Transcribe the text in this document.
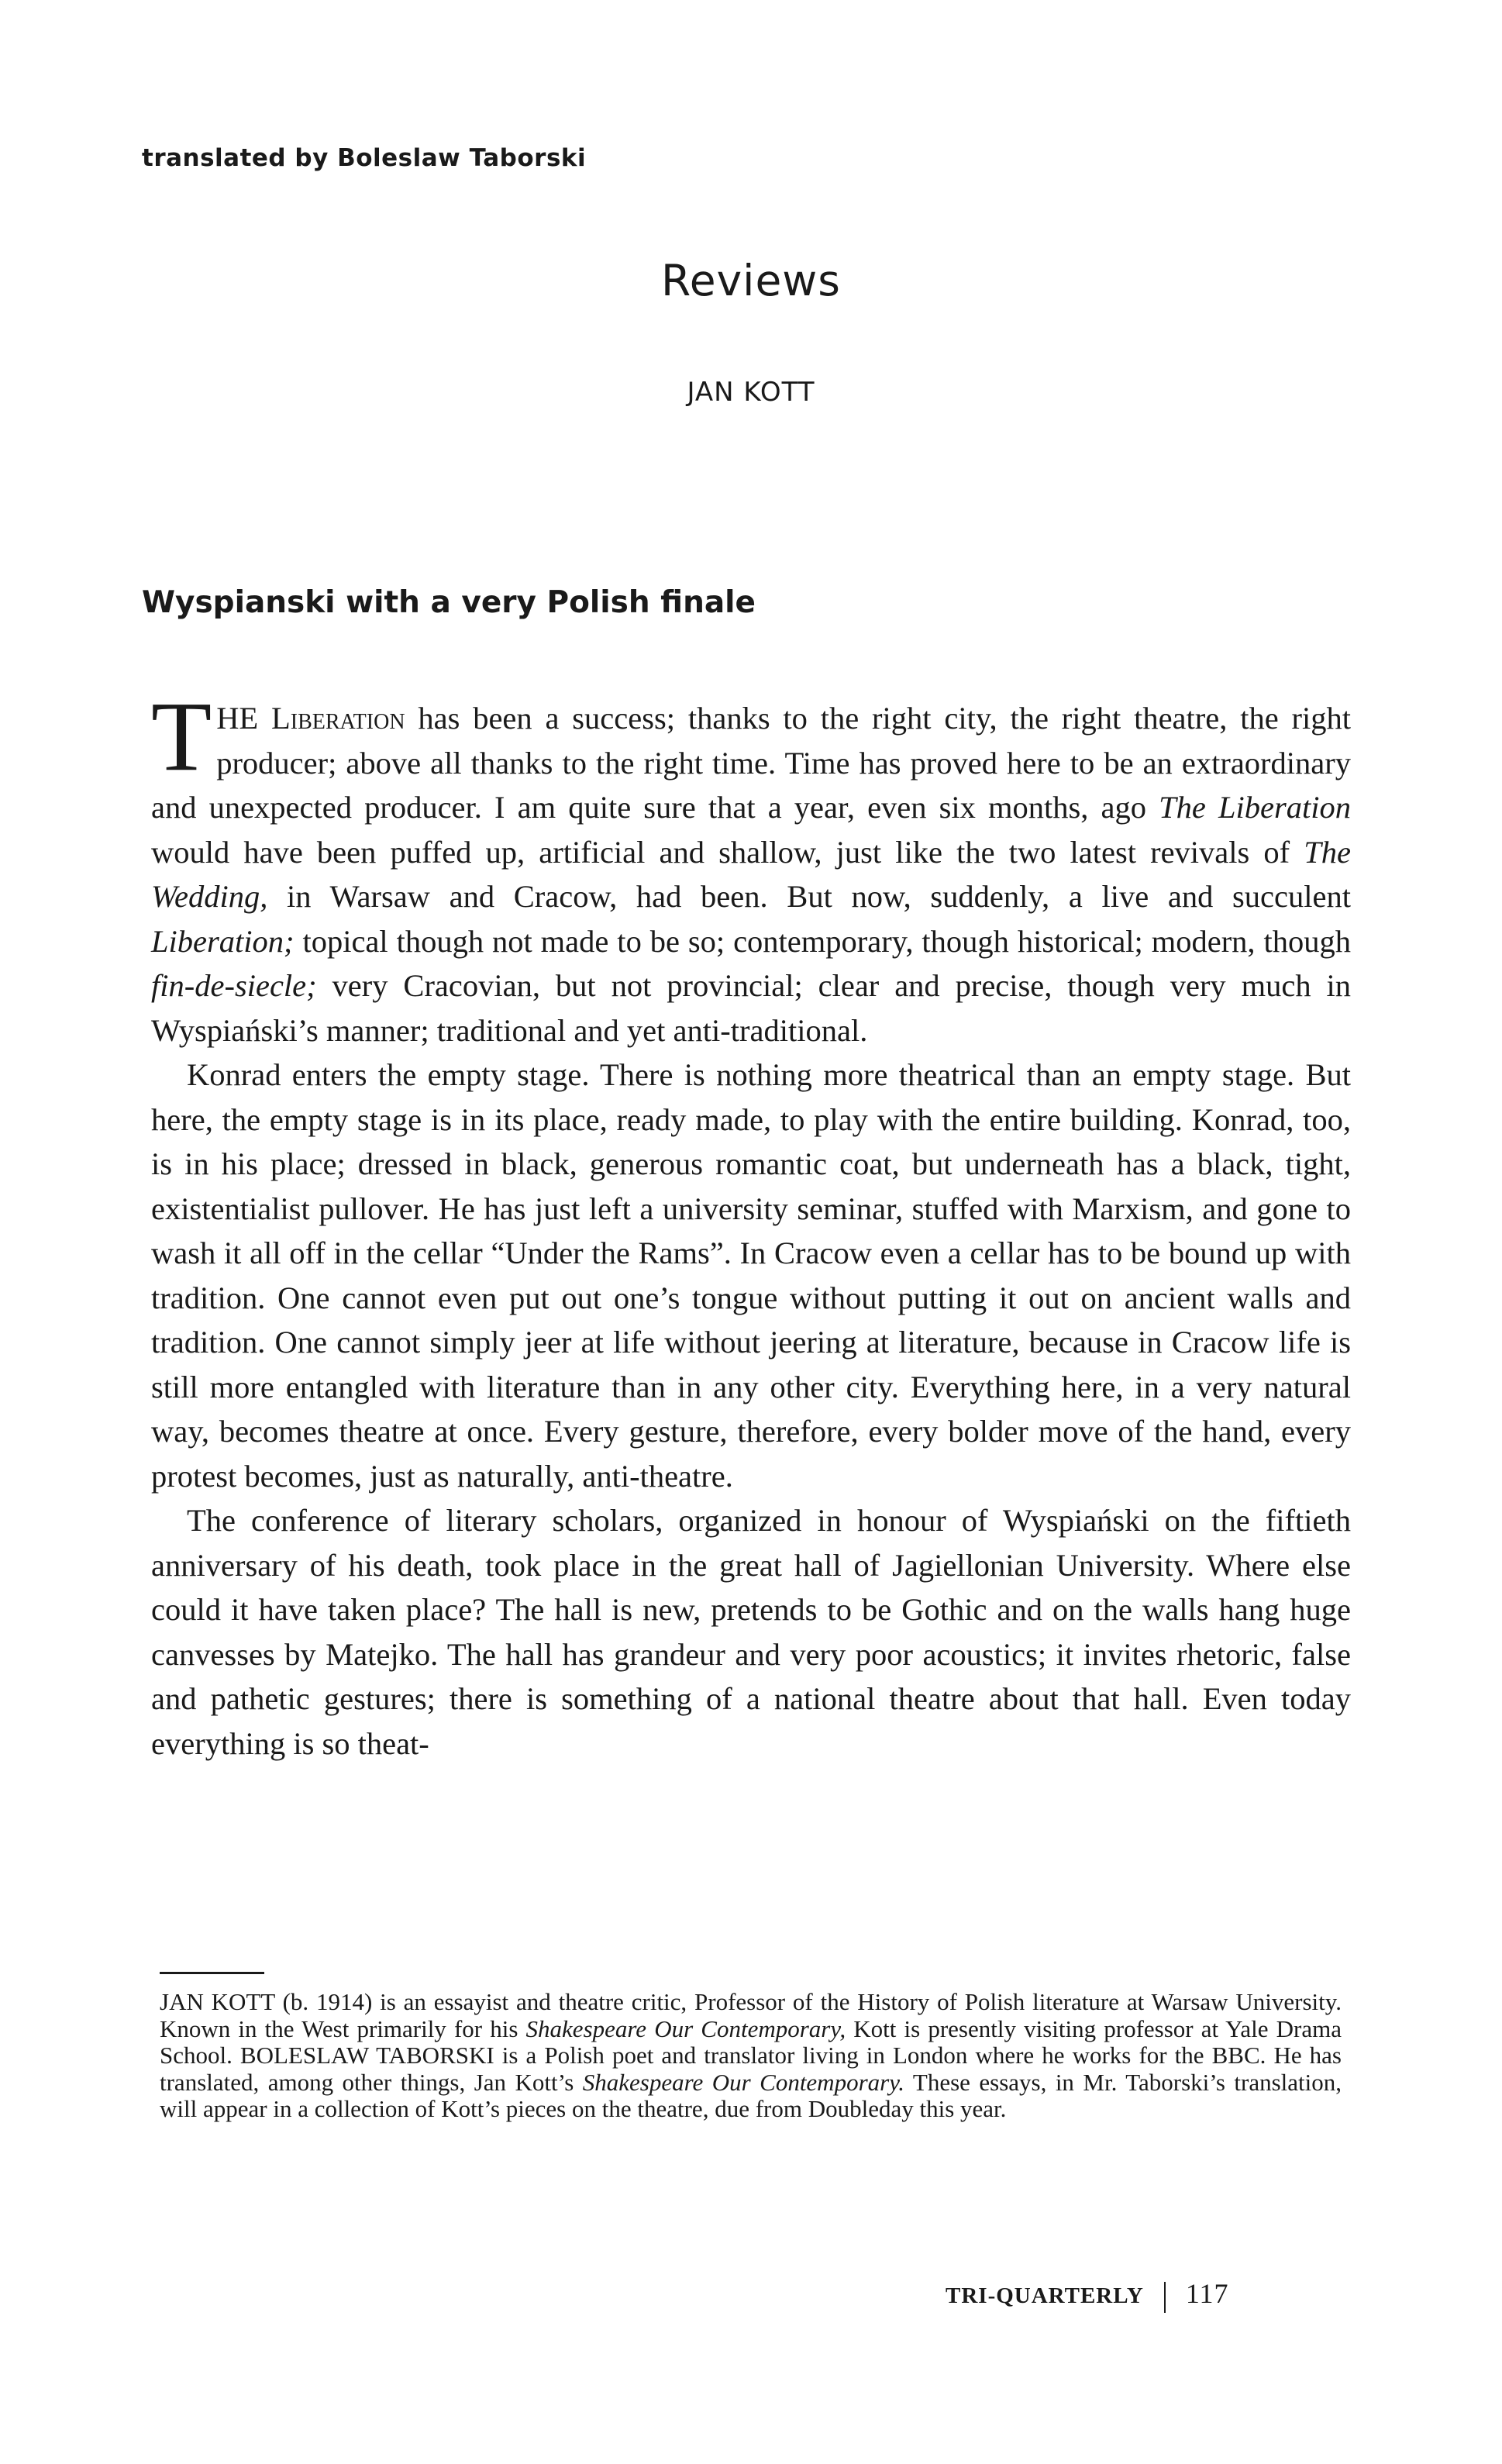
translated by Boleslaw Taborski
Reviews
JAN KOTT
Wyspianski with a very Polish finale

THE Liberation has been a success; thanks to the right city, the right theatre, the right producer; above all thanks to the right time. Time has proved here to be an extraordinary and unexpected producer. I am quite sure that a year, even six months, ago The Liberation would have been puffed up, artificial and shallow, just like the two latest revivals of The Wedding, in Warsaw and Cracow, had been. But now, suddenly, a live and succulent Liberation; topical though not made to be so; contemporary, though historical; modern, though fin-de-siecle; very Cracovian, but not provincial; clear and precise, though very much in Wyspiański’s manner; traditional and yet anti-traditional.

Konrad enters the empty stage. There is nothing more theatrical than an empty stage. But here, the empty stage is in its place, ready made, to play with the entire building. Konrad, too, is in his place; dressed in black, generous romantic coat, but underneath has a black, tight, existentialist pullover. He has just left a university seminar, stuffed with Marxism, and gone to wash it all off in the cellar “Under the Rams”. In Cracow even a cellar has to be bound up with tradition. One cannot even put out one’s tongue without putting it out on ancient walls and tradition. One cannot simply jeer at life without jeering at literature, because in Cracow life is still more entangled with literature than in any other city. Everything here, in a very natural way, becomes theatre at once. Every gesture, therefore, every bolder move of the hand, every protest becomes, just as naturally, anti-theatre.

The conference of literary scholars, organized in honour of Wyspiański on the fiftieth anniversary of his death, took place in the great hall of Jagiellonian University. Where else could it have taken place? The hall is new, pretends to be Gothic and on the walls hang huge canvesses by Matejko. The hall has grandeur and very poor acoustics; it invites rhetoric, false and pathetic gestures; there is something of a national theatre about that hall. Even today everything is so theat-

JAN KOTT (b. 1914) is an essayist and theatre critic, Professor of the History of Polish literature at Warsaw University. Known in the West primarily for his Shakespeare Our Contemporary, Kott is presently visiting professor at Yale Drama School. BOLESLAW TABORSKI is a Polish poet and translator living in London where he works for the BBC. He has translated, among other things, Jan Kott’s Shakespeare Our Contemporary. These essays, in Mr. Taborski’s translation, will appear in a collection of Kott’s pieces on the theatre, due from Doubleday this year.

TRI-QUARTERLY 117
